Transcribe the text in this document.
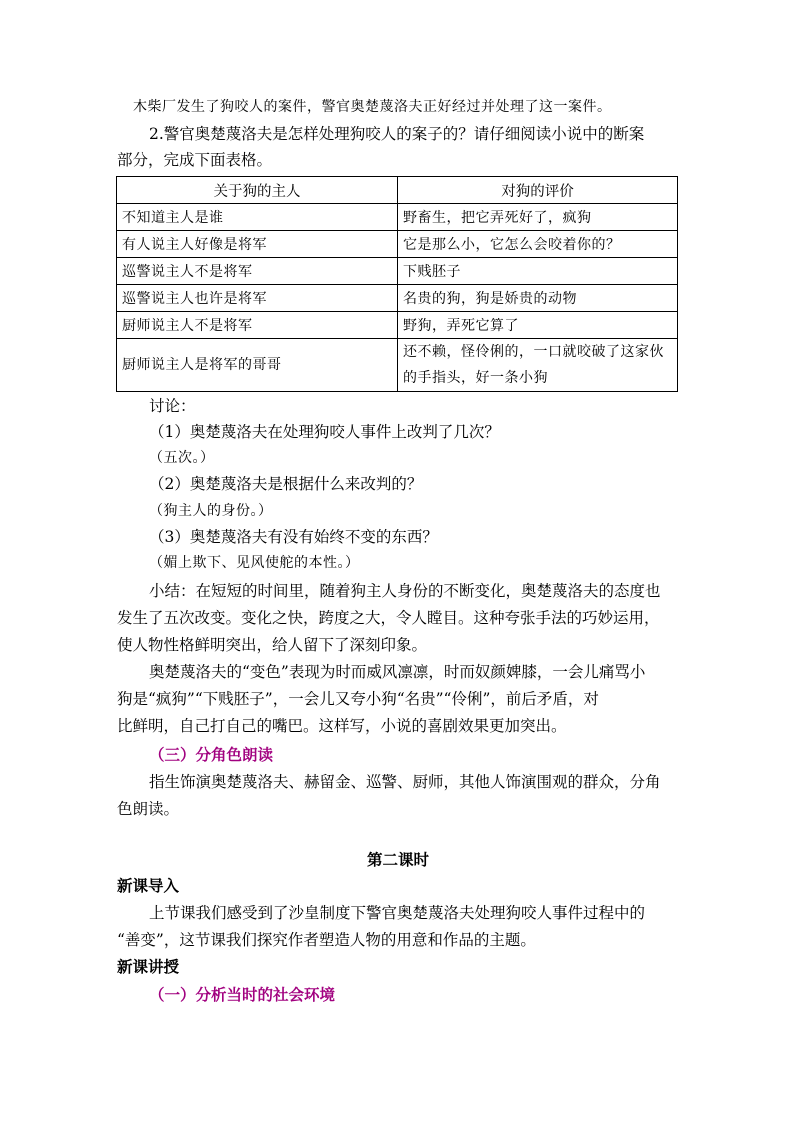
木柴厂发生了狗咬人的案件，警官奥楚蔑洛夫正好经过并处理了这一案件。
2.警官奥楚蔑洛夫是怎样处理狗咬人的案子的？请仔细阅读小说中的断案
部分，完成下面表格。
关于狗的主人	对狗的评价
不知道主人是谁	野畜生，把它弄死好了，疯狗
有人说主人好像是将军	它是那么小，它怎么会咬着你的？
巡警说主人不是将军	下贱胚子
巡警说主人也许是将军	名贵的狗，狗是娇贵的动物
厨师说主人不是将军	野狗，弄死它算了
厨师说主人是将军的哥哥	还不赖，怪伶俐的，一口就咬破了这家伙的手指头，好一条小狗
讨论：
（1）奥楚蔑洛夫在处理狗咬人事件上改判了几次？
（五次。）
（2）奥楚蔑洛夫是根据什么来改判的？
（狗主人的身份。）
（3）奥楚蔑洛夫有没有始终不变的东西？
（媚上欺下、见风使舵的本性。）
小结：在短短的时间里，随着狗主人身份的不断变化，奥楚蔑洛夫的态度也
发生了五次改变。变化之快，跨度之大，令人瞠目。这种夸张手法的巧妙运用，
使人物性格鲜明突出，给人留下了深刻印象。
奥楚蔑洛夫的“变色”表现为时而威风凛凛，时而奴颜婢膝，一会儿痛骂小
狗是“疯狗”“下贱胚子”，一会儿又夸小狗“名贵”“伶俐”，前后矛盾，对
比鲜明，自己打自己的嘴巴。这样写，小说的喜剧效果更加突出。
（三）分角色朗读
指生饰演奥楚蔑洛夫、赫留金、巡警、厨师，其他人饰演围观的群众，分角
色朗读。
第二课时
新课导入
上节课我们感受到了沙皇制度下警官奥楚蔑洛夫处理狗咬人事件过程中的
“善变”，这节课我们探究作者塑造人物的用意和作品的主题。
新课讲授
（一）分析当时的社会环境
